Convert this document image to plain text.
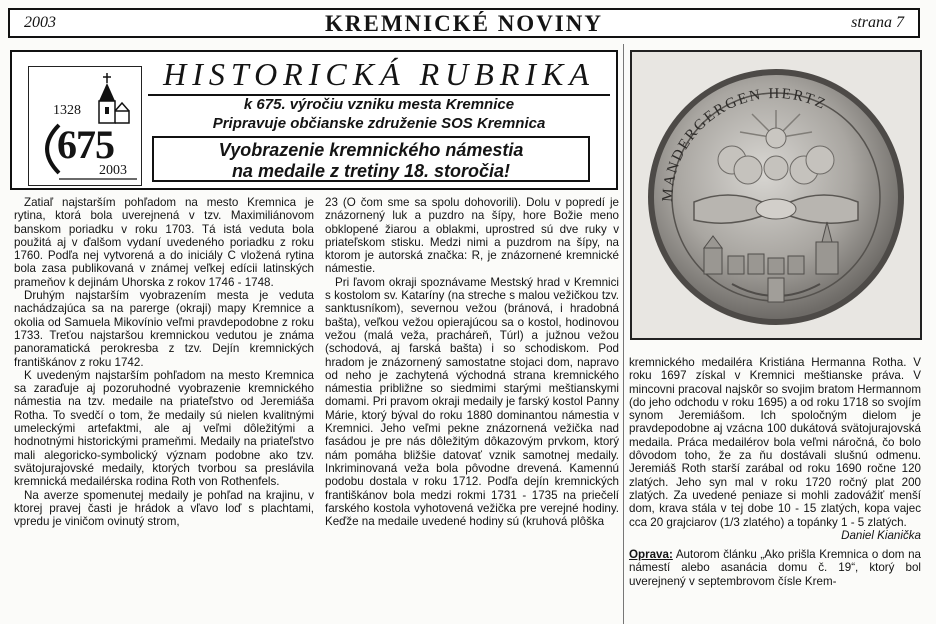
2003	KREMNICKÉ NOVINY	strana 7
1328
675
2003
HISTORICKÁ RUBRIKA
k 675. výročiu vzniku mesta Kremnice
Pripravuje občianske združenie SOS Kremnica
Vyobrazenie kremnického námestia
na medaile z tretiny 18. storočia!

Zatiaľ najstarším pohľadom na mesto Kremnica je rytina, ktorá bola uverejnená v tzv. Maximiliánovom banskom poriadku v roku 1703. Tá istá veduta bola použitá aj v ďalšom vydaní uvedeného poriadku z roku 1760. Podľa nej vytvorená a do iniciály C vložená rytina bola zasa publikovaná v známej veľkej edícii latinských prameňov k dejinám Uhorska z rokov 1746 - 1748.

Druhým najstarším vyobrazením mesta je veduta nachádzajúca sa na parerge (okraji) mapy Kremnice a okolia od Samuela Mikovínio veľmi pravdepodobne z roku 1733. Treťou najstaršou kremnickou vedutou je známa panoramatická perokresba z tzv. Dejín kremnických františkánov z roku 1742.

K uvedeným najstarším pohľadom na mesto Kremnica sa zaraďuje aj pozoruhodné vyobrazenie kremnického námestia na tzv. medaile na priateľstvo od Jeremiáša Rotha. To svedčí o tom, že medaily sú nielen kvalitnými umeleckými artefaktmi, ale aj veľmi dôležitými a hodnotnými historickými prameňmi. Medaily na priateľstvo mali alegoricko-symbolický význam podobne ako tzv. svätojurajovské medaily, ktorých tvorbou sa preslávila kremnická medailérska rodina Roth von Rothenfels.

Na averze spomenutej medaily je pohľad na krajinu, v ktorej pravej časti je hrádok a vľavo loď s plachtami, vpredu je viničom ovinutý strom,

23 (O čom sme sa spolu dohovorili). Dolu v popredí je znázornený luk a puzdro na šípy, hore Božie meno obklopené žiarou a oblakmi, uprostred sú dve ruky v priateľskom stisku. Medzi nimi a puzdrom na šípy, na ktorom je autorská značka: R, je znázornené kremnické námestie.

Pri ľavom okraji spoznávame Mestský hrad v Kremnici s kostolom sv. Kataríny (na streche s malou vežičkou tzv. sanktusníkom), severnou vežou (bránová, i hradobná bašta), veľkou vežou opierajúcou sa o kostol, hodinovou vežou (malá veža, pracháreň, Túrl) a južnou vežou (schodová, aj farská bašta) i so schodiskom. Pod hradom je znázornený samostatne stojaci dom, napravo od neho je zachytená východná strana kremnického námestia približne so siedmimi starými meštianskymi domami. Pri pravom okraji medaily je farský kostol Panny Márie, ktorý býval do roku 1880 dominantou námestia v Kremnici. Jeho veľmi pekne znázornená vežička nad fasádou je pre nás dôležitým dôkazovým prvkom, ktorý nám pomáha bližšie datovať vznik samotnej medaily. Inkriminovaná veža bola pôvodne drevená. Kamennú podobu dostala v roku 1712. Podľa dejín kremnických františkánov bola medzi rokmi 1731 - 1735 na priečelí farského kostola vyhotovená vežička pre verejné hodiny. Keďže na medaile uvedené hodiny sú (kruhová plôška

MANDERGERGEN HERTZ

kremnického medailéra Kristiána Hermanna Rotha. V roku 1697 získal v Kremnici meštianske práva. V mincovni pracoval najskôr so svojim bratom Hermannom (do jeho odchodu v roku 1695) a od roku 1718 so svojím synom Jeremiášom. Ich spoločným dielom je pravdepodobne aj vzácna 100 dukátová svätojurajovská medaila. Práca medailérov bola veľmi náročná, čo bolo dôvodom toho, že za ňu dostávali slušnú odmenu. Jeremiáš Roth starší zarábal od roku 1690 ročne 120 zlatých. Jeho syn mal v roku 1720 ročný plat 200 zlatých. Za uvedené peniaze si mohli zadovážiť menší dom, krava stála v tej dobe 10 - 15 zlatých, kopa vajec cca 20 grajciarov (1/3 zlatého) a topánky 1 - 5 zlatých.

Daniel Kianička

Oprava: Autorom článku „Ako prišla Kremnica o dom na námestí alebo asanácia domu č. 19“, ktorý bol uverejnený v septembrovom čísle Krem-
